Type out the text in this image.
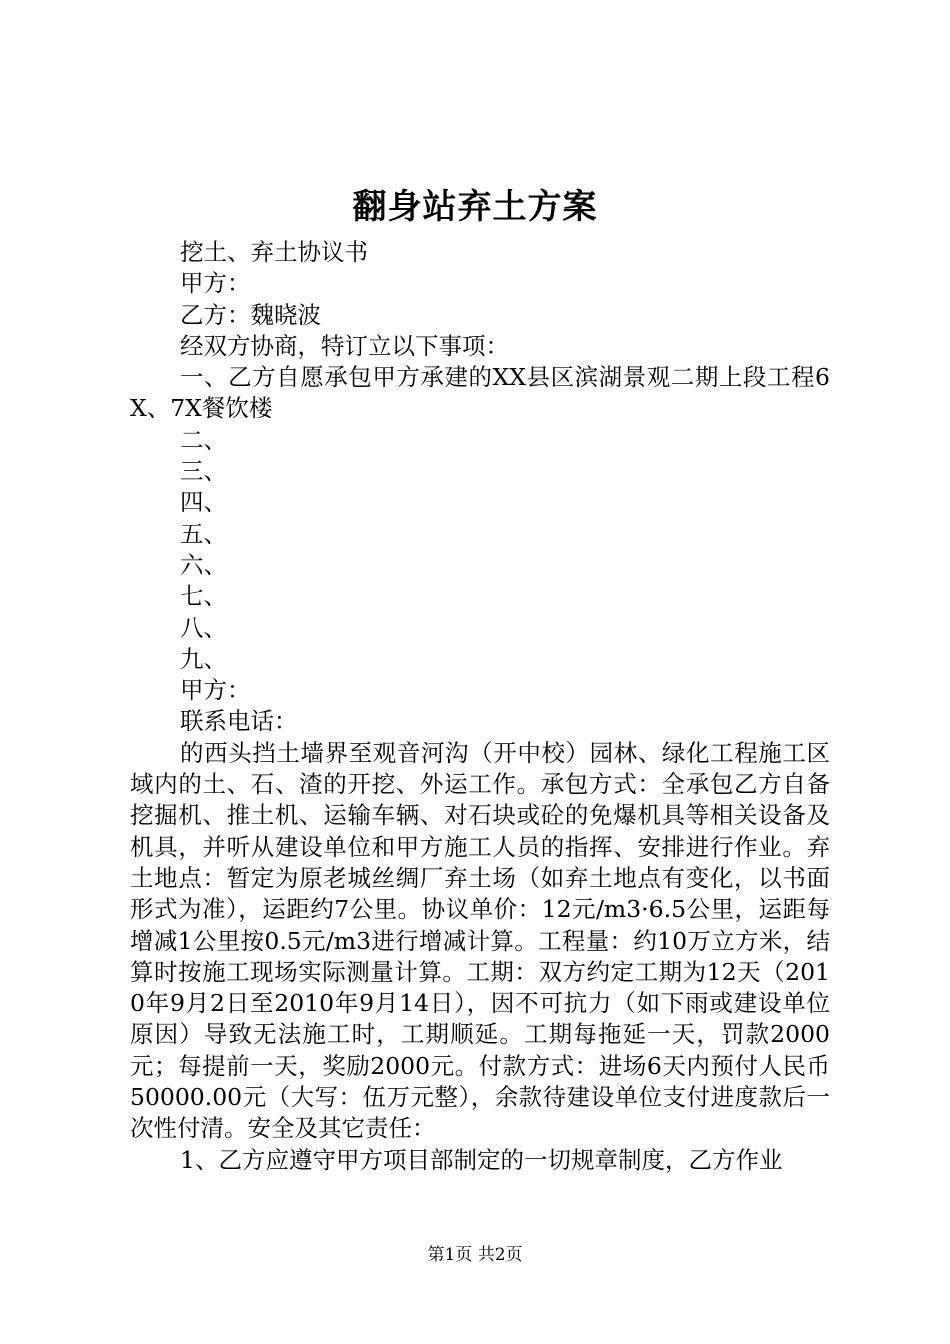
翻身站弃土方案

挖土、弃土协议书

甲方：

乙方：魏晓波

经双方协商，特订立以下事项：

一、乙方自愿承包甲方承建的XX县区滨湖景观二期上段工程6X、7X餐饮楼

二、

三、

四、

五、

六、

七、

八、

九、

甲方：

联系电话：

的西头挡土墙界至观音河沟（开中校）园林、绿化工程施工区域内的土、石、渣的开挖、外运工作。承包方式：全承包乙方自备挖掘机、推土机、运输车辆、对石块或砼的免爆机具等相关设备及机具，并听从建设单位和甲方施工人员的指挥、安排进行作业。弃土地点：暂定为原老城丝绸厂弃土场（如弃土地点有变化，以书面形式为准），运距约7公里。协议单价：12元/m3·6.5公里，运距每增减1公里按0.5元/m3进行增减计算。工程量：约10万立方米，结算时按施工现场实际测量计算。工期：双方约定工期为12天（2010年9月2日至2010年9月14日），因不可抗力（如下雨或建设单位原因）导致无法施工时，工期顺延。工期每拖延一天，罚款2000元；每提前一天，奖励2000元。付款方式：进场6天内预付人民币50000.00元（大写：伍万元整），余款待建设单位支付进度款后一次性付清。安全及其它责任：

1、乙方应遵守甲方项目部制定的一切规章制度，乙方作业

第1页 共2页
